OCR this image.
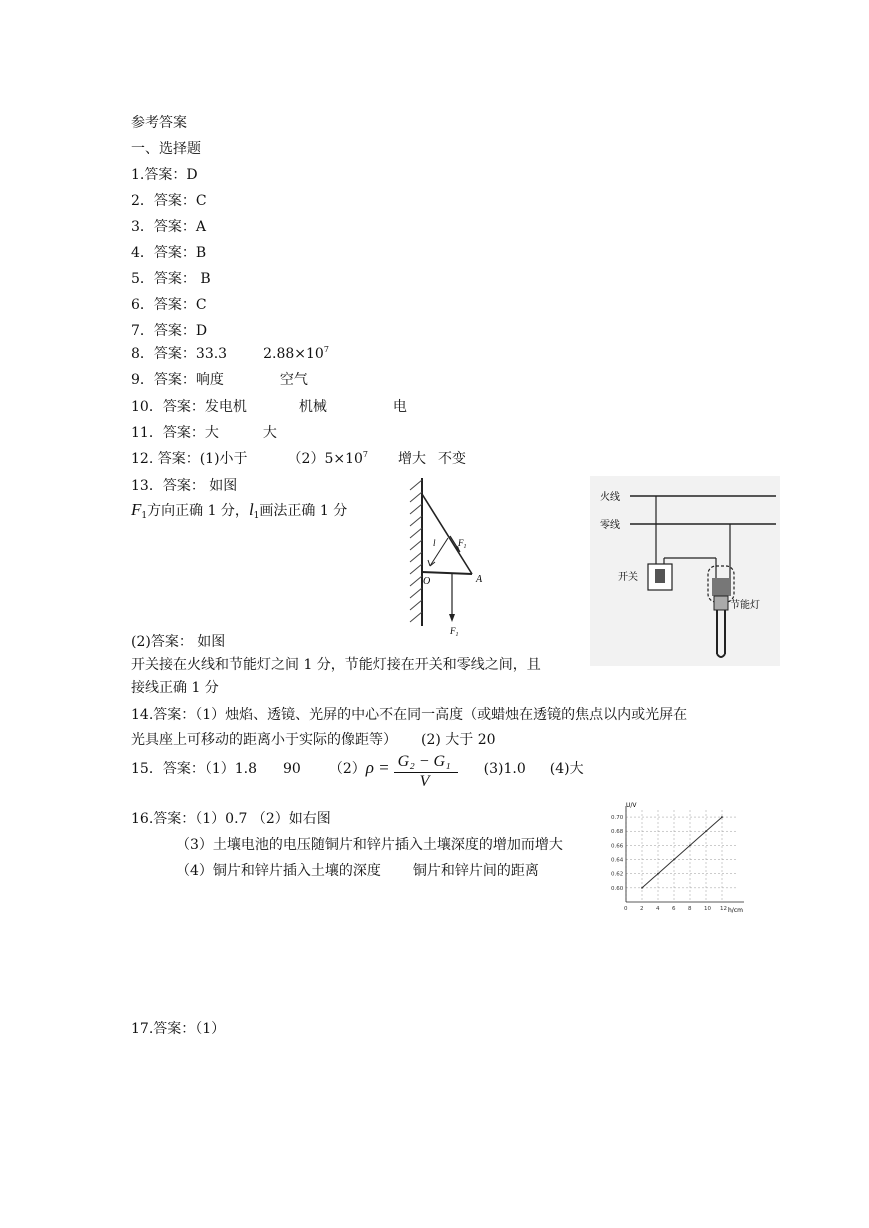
参考答案
一、选择题
1.答案：D
2．答案：C
3．答案：A
4．答案：B
5．答案： B
6．答案：C
7．答案：D
8．答案：33.3	$2.88\times 10^7$
9．答案：响度	空气
10．答案：发电机	机械	电
11．答案：大	大
12. 答案：(1)小于	$(2)5\times 10^7$ 增大 不变
13．答案： 如图
$F_1$方向正确 1 分，$l_1$画法正确 1 分
l $F_1$
O	A
$F_1$
火线
零线
开关
节能灯
(2)答案： 如图
开关接在火线和节能灯之间 1 分，节能灯接在开关和零线之间，且
接线正确 1 分
14.答案：（1）烛焰、透镜、光屏的中心不在同一高度（或蜡烛在透镜的焦点以内或光屏在
光具座上可移动的距离小于实际的像距等） (2) 大于 20
15．答案：（1）1.8 90 $(2)\rho = \frac{\text{G₂ − G₁}}{V} (3)1.0$ (4)大
16.答案：（1）0.7 （2）如右图
（3）土壤电池的电压随铜片和锌片插入土壤深度的增加而增大
（4）铜片和锌片插入土壤的深度 铜片和锌片间的距离
0 2 4 6 8 10 12
0.60
0.62
0.64
0.66
0.68
0.70
U/V
h/cm
17.答案：（1）
